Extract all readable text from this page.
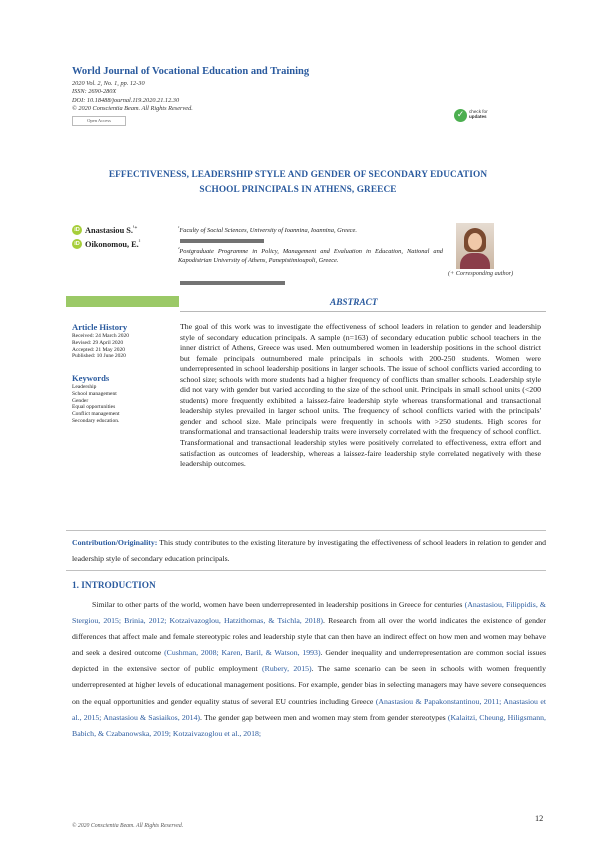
World Journal of Vocational Education and Training
2020 Vol. 2, No. 1, pp. 12-30
ISSN: 2690-280X
DOI: 10.18488/journal.119.2020.21.12.30
© 2020 Conscientia Beam. All Rights Reserved.
Open Access
✓	check for
updates
EFFECTIVENESS, LEADERSHIP STYLE AND GENDER OF SECONDARY EDUCATION
SCHOOL PRINCIPALS IN ATHENS, GREECE
iD Anastasiou S.$^{^1+}$
iD Oikonomou, E.$^{^2}$
$^{^1}$Faculty of Social Sciences, University of Ioannina, Ioannina, Greece.
$^{^2}$Postgraduate Programme in Policy, Management and Evaluation in Education, National and Kapodistrian University of Athens, Panepistimioupoli, Greece.
(+ Corresponding author)
ABSTRACT
Article History
Received: 24 March 2020
Revised: 29 April 2020
Accepted: 21 May 2020
Published: 10 June 2020
Keywords
Leadership
School management
Gender
Equal opportunities
Conflict management
Secondary education.
The goal of this work was to investigate the effectiveness of school leaders in relation to gender and leadership style of secondary education principals. A sample (n=163) of secondary education public school teachers in the inner district of Athens, Greece was used. Men outnumbered women in leadership positions in the school district but female principals outnumbered male principals in schools with 200-250 students. Women were underrepresented in school leadership positions in larger schools. The issue of school conflicts varied according to school size; schools with more students had a higher frequency of conflicts than smaller schools. Leadership style did not vary with gender but varied according to the size of the school unit. Principals in small school units (<200 students) more frequently exhibited a laissez-faire leadership style whereas transformational and transactional leadership styles prevailed in larger school units. The frequency of school conflicts varied with the principals' gender and school size. Male principals were frequently in schools with >250 students. High scores for transformational and transactional leadership traits were inversely correlated with the frequency of school conflict. Transformational and transactional leadership styles were positively correlated to effectiveness, extra effort and satisfaction as outcomes of leadership, whereas a laissez-faire leadership style correlated negatively with these leadership outcomes.
Contribution/Originality: This study contributes to the existing literature by investigating the effectiveness of school leaders in relation to gender and leadership style of secondary education principals.
1. INTRODUCTION
Similar to other parts of the world, women have been underrepresented in leadership positions in Greece for centuries (Anastasiou, Filippidis, & Stergiou, 2015; Brinia, 2012; Kotzaivazoglou, Hatzithomas, & Tsichla, 2018). Research from all over the world indicates the existence of gender differences that affect male and female stereotypic roles and leadership style that can then have an indirect effect on how men and women may behave and seek a desired outcome (Cushman, 2008; Karen, Baril, & Watson, 1993). Gender inequality and underrepresentation are common social issues depicted in the extensive sector of public employment (Rubery, 2015). The same scenario can be seen in schools with women frequently underrepresented at higher levels of educational management positions. For example, gender bias in selecting managers may have severe consequences on the equal opportunities and gender equality status of several EU countries including Greece (Anastasiou & Papakonstantinou, 2011; Anastasiou et al., 2015; Anastasiou & Sasiaikos, 2014). The gender gap between men and women may stem from gender stereotypes (Kalaitzi, Cheung, Hiligsmann, Babich, & Czabanowska, 2019; Kotzaivazoglou et al., 2018;
12
© 2020 Conscientia Beam. All Rights Reserved.
